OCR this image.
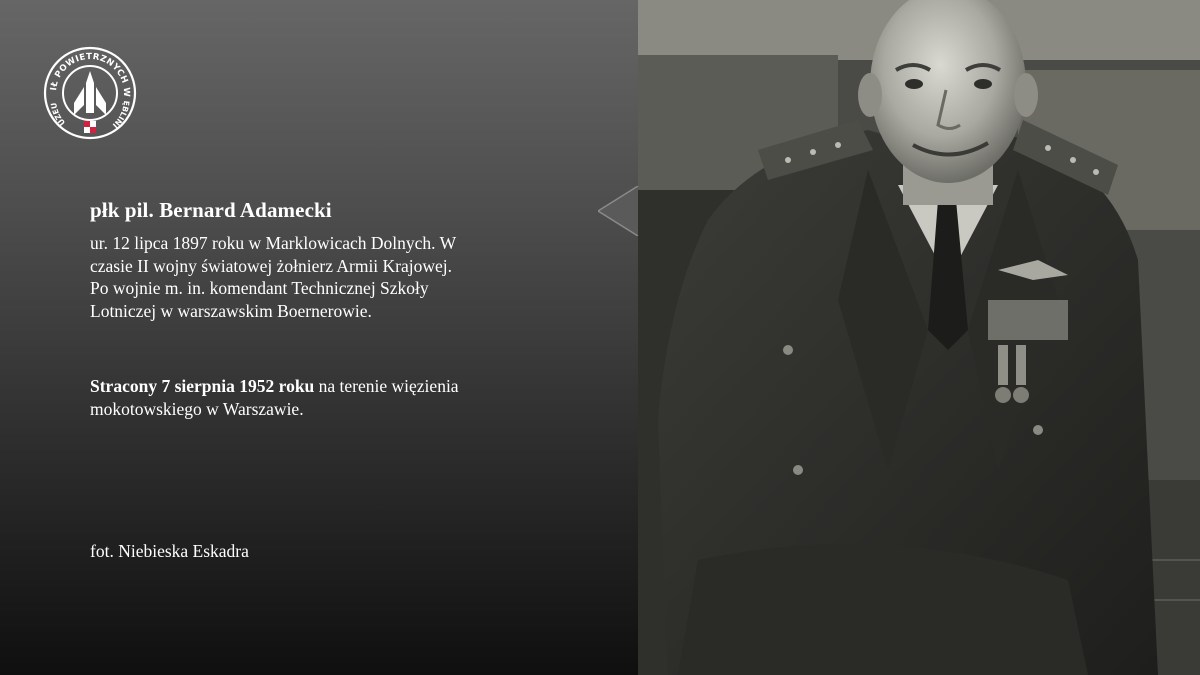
IŁ POWIETRZNYCH W
UZEU	ĘBLINI
płk pil. Bernard Adamecki
ur. 12 lipca 1897 roku w Marklowicach Dolnych. W
czasie II wojny światowej żołnierz Armii Krajowej.
Po wojnie m. in. komendant Technicznej Szkoły
Lotniczej w warszawskim Boernerowie.
Stracony 7 sierpnia 1952 roku na terenie więzienia
mokotowskiego w Warszawie.
fot. Niebieska Eskadra
